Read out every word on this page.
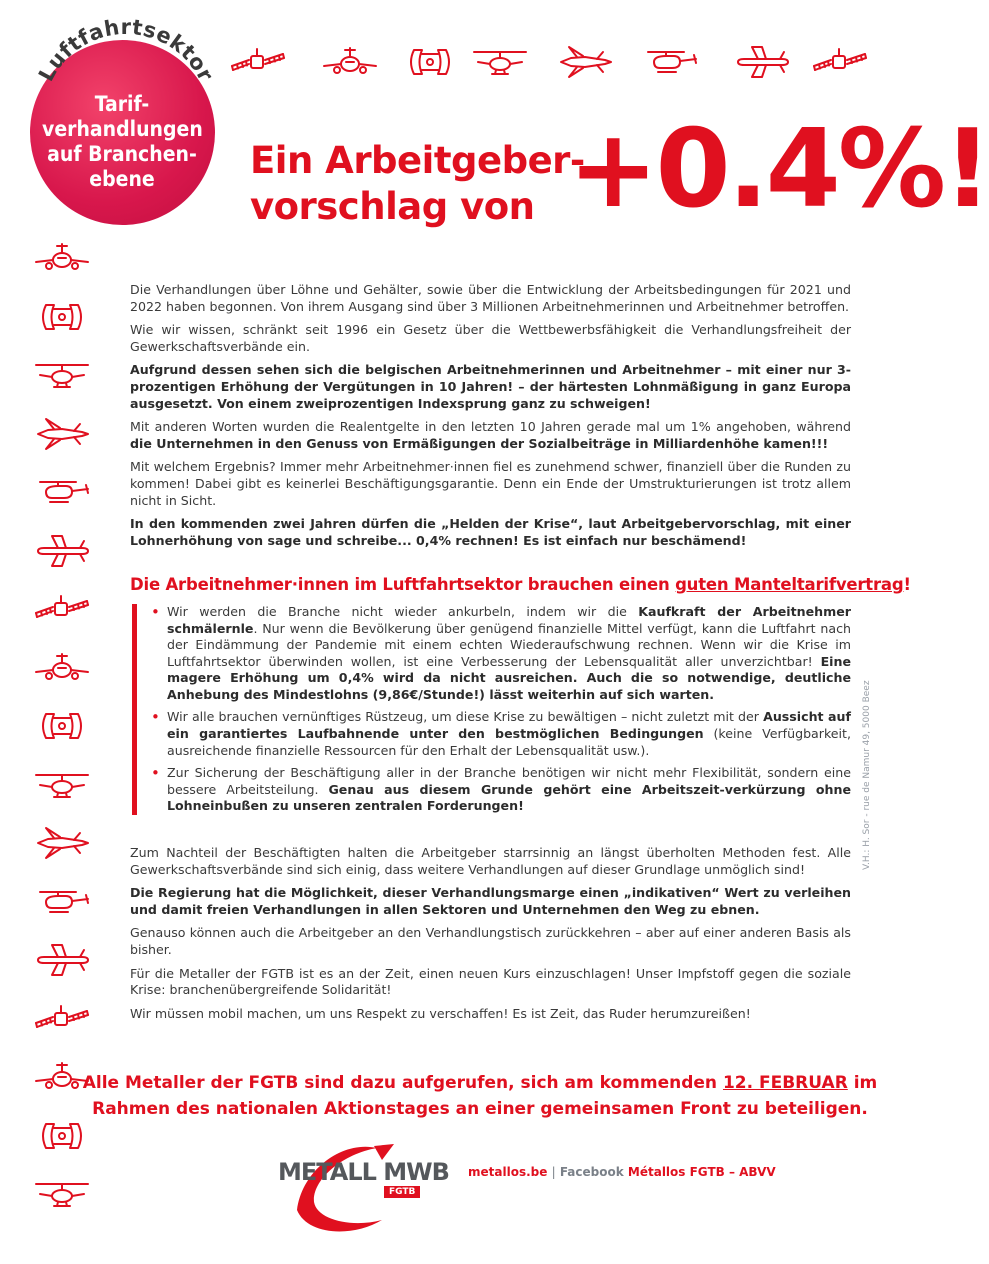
Luftfahrtsektor
Tarif-
verhandlungen
auf Branchen-
ebene	Ein Arbeitgeber-
vorschlag von +0.4%!

Die Verhandlungen über Löhne und Gehälter, sowie über die Entwicklung der Arbeitsbedingungen für 2021 und 2022 haben begonnen. Von ihrem Ausgang sind über 3 Millionen Arbeitnehmerinnen und Arbeitnehmer betroffen.

Wie wir wissen, schränkt seit 1996 ein Gesetz über die Wettbewerbsfähigkeit die Verhandlungsfreiheit der Gewerkschaftsverbände ein.

Aufgrund dessen sehen sich die belgischen Arbeitnehmerinnen und Arbeitnehmer – mit einer nur 3-prozentigen Erhöhung der Vergütungen in 10 Jahren! – der härtesten Lohnmäßigung in ganz Europa ausgesetzt. Von einem zweiprozentigen Indexsprung ganz zu schweigen!

Mit anderen Worten wurden die Realentgelte in den letzten 10 Jahren gerade mal um 1% angehoben, während die Unternehmen in den Genuss von Ermäßigungen der Sozialbeiträge in Milliardenhöhe kamen!!!

Mit welchem Ergebnis? Immer mehr Arbeitnehmer·innen fiel es zunehmend schwer, finanziell über die Runden zu kommen! Dabei gibt es keinerlei Beschäftigungsgarantie. Denn ein Ende der Umstrukturierungen ist trotz allem nicht in Sicht.

In den kommenden zwei Jahren dürfen die „Helden der Krise“, laut Arbeitgebervorschlag, mit einer Lohnerhöhung von sage und schreibe... 0,4% rechnen! Es ist einfach nur beschämend!

Die Arbeitnehmer·innen im Luftfahrtsektor brauchen einen guten Manteltarifvertrag!

• Wir werden die Branche nicht wieder ankurbeln, indem wir die Kaufkraft der Arbeitnehmer schmälernle. Nur wenn die Bevölkerung über genügend finanzielle Mittel verfügt, kann die Luftfahrt nach der Eindämmung der Pandemie mit einem echten Wiederaufschwung rechnen. Wenn wir die Krise im Luftfahrtsektor überwinden wollen, ist eine Verbesserung der Lebensqualität aller unverzichtbar! Eine magere Erhöhung um 0,4% wird da nicht ausreichen. Auch die so notwendige, deutliche Anhebung des Mindestlohns (9,86€/Stunde!) lässt weiterhin auf sich warten.
• Wir alle brauchen vernünftiges Rüstzeug, um diese Krise zu bewältigen – nicht zuletzt mit der Aussicht auf ein garantiertes Laufbahnende unter den bestmöglichen Bedingungen (keine Verfügbarkeit, ausreichende finanzielle Ressourcen für den Erhalt der Lebensqualität usw.).
• Zur Sicherung der Beschäftigung aller in der Branche benötigen wir nicht mehr Flexibilität, sondern eine bessere Arbeitsteilung. Genau aus diesem Grunde gehört eine Arbeitszeit-verkürzung ohne Lohneinbußen zu unseren zentralen Forderungen!

Zum Nachteil der Beschäftigten halten die Arbeitgeber starrsinnig an längst überholten Methoden fest. Alle Gewerkschaftsverbände sind sich einig, dass weitere Verhandlungen auf dieser Grundlage unmöglich sind!

Die Regierung hat die Möglichkeit, dieser Verhandlungsmarge einen „indikativen“ Wert zu verleihen und damit freien Verhandlungen in allen Sektoren und Unternehmen den Weg zu ebnen.

Genauso können auch die Arbeitgeber an den Verhandlungstisch zurückkehren – aber auf einer anderen Basis als bisher.

Für die Metaller der FGTB ist es an der Zeit, einen neuen Kurs einzuschlagen! Unser Impfstoff gegen die soziale Krise: branchenübergreifende Solidarität!

Wir müssen mobil machen, um uns Respekt zu verschaffen! Es ist Zeit, das Ruder herumzureißen!

V.H.: H. Sor - rue de Namur 49, 5000 Beez
Alle Metaller der FGTB sind dazu aufgerufen, sich am kommenden 12. FEBRUAR im
Rahmen des nationalen Aktionstages an einer gemeinsamen Front zu beteiligen.
METALL MWB
FGTB
metallos.be | Facebook Métallos FGTB – ABVV
